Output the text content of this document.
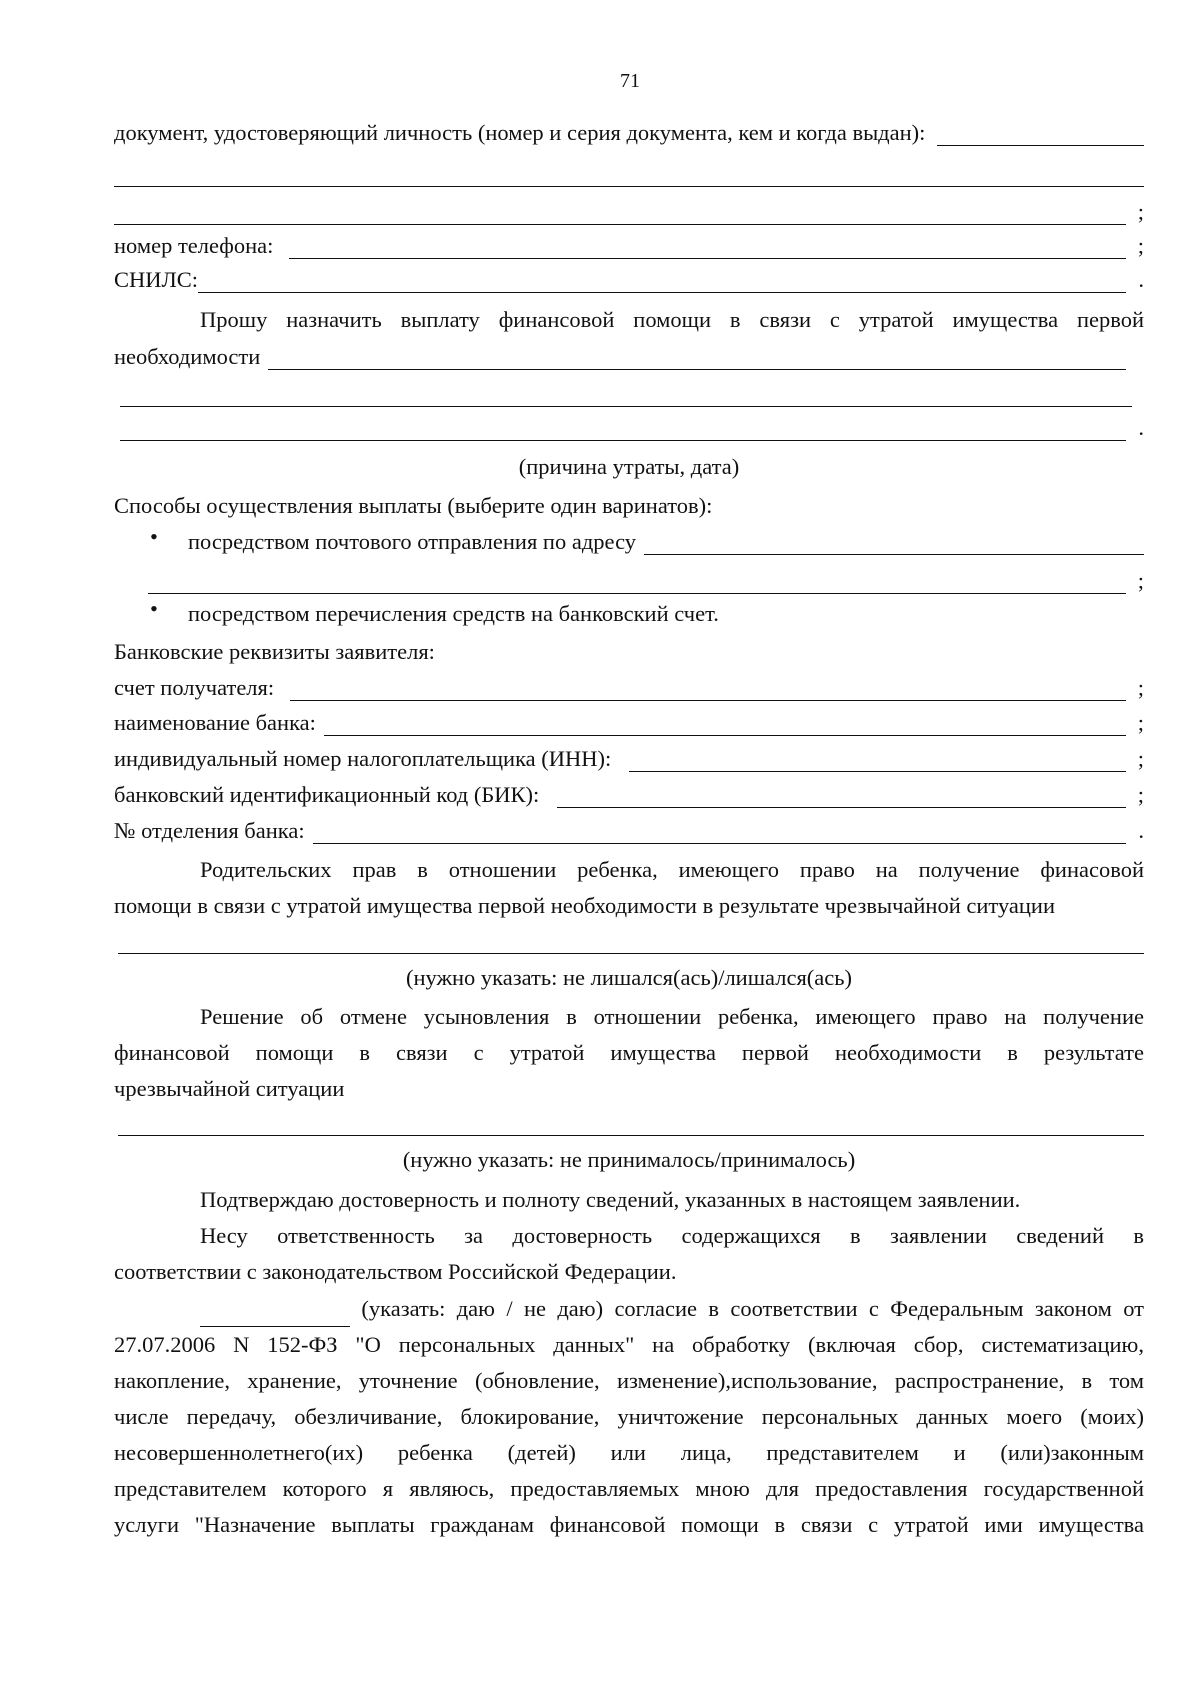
71
документ, удостоверяющий личность (номер и серия документа, кем и когда выдан):
;
номер телефона:	;
СНИЛС:	.
Прошу назначить выплату финансовой помощи в связи с утратой имущества первой
необходимости
.
(причина утраты, дата)
Способы осуществления выплаты (выберите один варинатов):
• посредством почтового отправления по адресу
;
• посредством перечисления средств на банковский счет.
Банковские реквизиты заявителя:
счет получателя:	;
наименование банка:	;
индивидуальный номер налогоплательщика (ИНН):	;
банковский идентификационный код (БИК):	;
№ отделения банка:	.
Родительских прав в отношении ребенка, имеющего право на получение финасовой
помощи в связи с утратой имущества первой необходимости в результате чрезвычайной ситуации
(нужно указать: не лишался(ась)/лишался(ась)
Решение об отмене усыновления в отношении ребенка, имеющего право на получение
финансовой помощи в связи с утратой имущества первой необходимости в результате
чрезвычайной ситуации
(нужно указать: не принималось/принималось)
Подтверждаю достоверность и полноту сведений, указанных в настоящем заявлении.
Несу ответственность за достоверность содержащихся в заявлении сведений в
соответствии с законодательством Российской Федерации.
(указать: даю / не даю) согласие в соответствии с Федеральным законом от
27.07.2006 N 152-ФЗ "О персональных данных" на обработку (включая сбор, систематизацию,
накопление, хранение, уточнение (обновление, изменение),использование, распространение, в том
числе передачу, обезличивание, блокирование, уничтожение персональных данных моего (моих)
несовершеннолетнего(их) ребенка (детей) или лица, представителем и (или)законным
представителем которого я являюсь, предоставляемых мною для предоставления государственной
услуги "Назначение выплаты гражданам финансовой помощи в связи с утратой ими имущества
